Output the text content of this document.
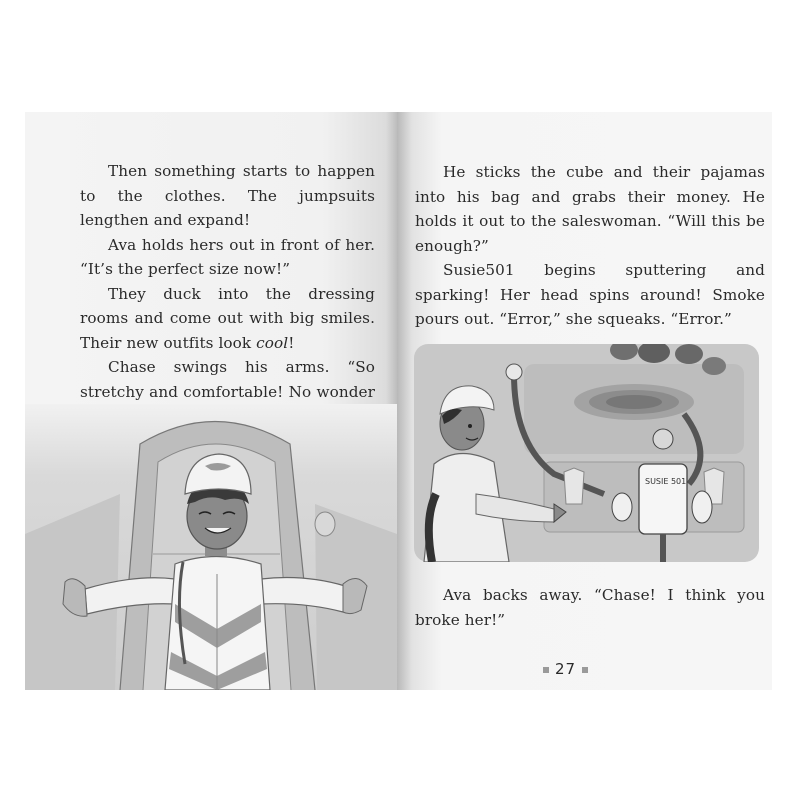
Then something starts to happen to the clothes. The jumpsuits lengthen and expand!

Ava holds hers out in front of her. “It’s the perfect size now!”

They duck into the dressing rooms and come out with big smiles. Their new outfits look cool!

Chase swings his arms. “So stretchy and comfortable! No wonder

He sticks the cube and their pajamas into his bag and grabs their money. He holds it out to the saleswoman. “Will this be enough?”

Susie501 begins sputtering and sparking! Her head spins around! Smoke pours out. “Error,” she squeaks. “Error.”

SUSIE 501

Ava backs away. “Chase! I think you broke her!”

27
